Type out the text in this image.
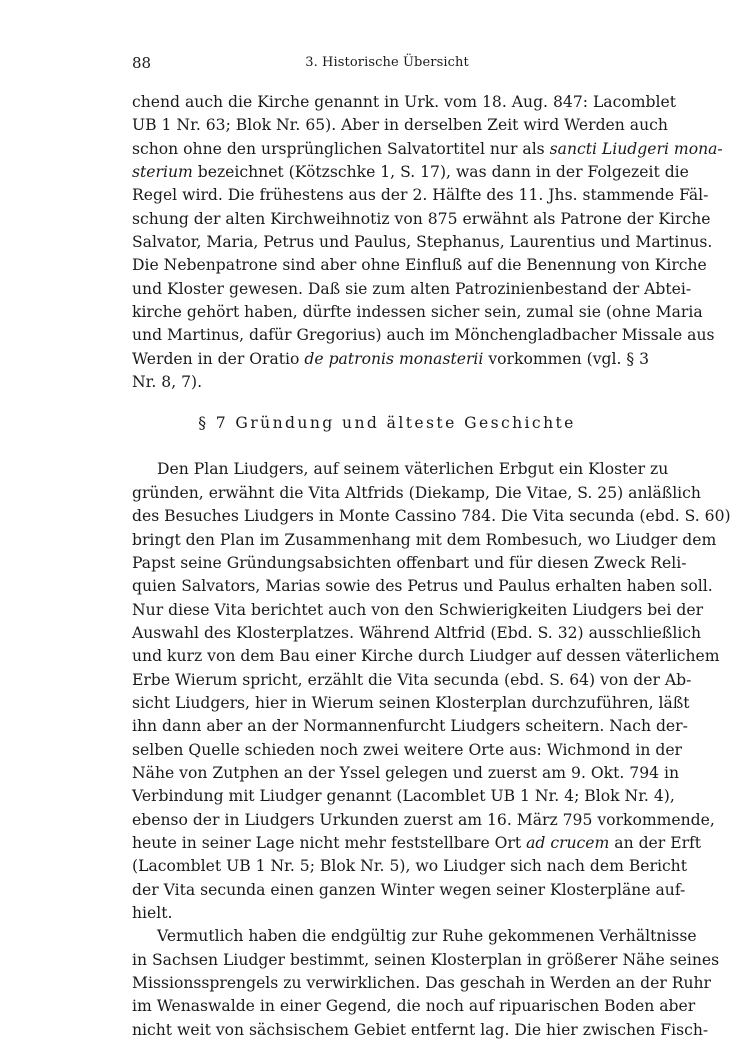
88	3. Historische Übersicht
chend auch die Kirche genannt in Urk. vom 18. Aug. 847: Lacomblet
UB 1 Nr. 63; Blok Nr. 65). Aber in derselben Zeit wird Werden auch
schon ohne den ursprünglichen Salvatortitel nur als sancti Liudgeri mona-
sterium bezeichnet (Kötzschke 1, S. 17), was dann in der Folgezeit die
Regel wird. Die frühestens aus der 2. Hälfte des 11. Jhs. stammende Fäl-
schung der alten Kirchweihnotiz von 875 erwähnt als Patrone der Kirche
Salvator, Maria, Petrus und Paulus, Stephanus, Laurentius und Martinus.
Die Nebenpatrone sind aber ohne Einfluß auf die Benennung von Kirche
und Kloster gewesen. Daß sie zum alten Patrozinienbestand der Abtei-
kirche gehört haben, dürfte indessen sicher sein, zumal sie (ohne Maria
und Martinus, dafür Gregorius) auch im Mönchengladbacher Missale aus
Werden in der Oratio de patronis monasterii vorkommen (vgl. § 3
Nr. 8, 7).
§ 7 Gründung und älteste Geschichte
Den Plan Liudgers, auf seinem väterlichen Erbgut ein Kloster zu
gründen, erwähnt die Vita Altfrids (Diekamp, Die Vitae, S. 25) anläßlich
des Besuches Liudgers in Monte Cassino 784. Die Vita secunda (ebd. S. 60)
bringt den Plan im Zusammenhang mit dem Rombesuch, wo Liudger dem
Papst seine Gründungsabsichten offenbart und für diesen Zweck Reli-
quien Salvators, Marias sowie des Petrus und Paulus erhalten haben soll.
Nur diese Vita berichtet auch von den Schwierigkeiten Liudgers bei der
Auswahl des Klosterplatzes. Während Altfrid (Ebd. S. 32) ausschließlich
und kurz von dem Bau einer Kirche durch Liudger auf dessen väterlichem
Erbe Wierum spricht, erzählt die Vita secunda (ebd. S. 64) von der Ab-
sicht Liudgers, hier in Wierum seinen Klosterplan durchzuführen, läßt
ihn dann aber an der Normannenfurcht Liudgers scheitern. Nach der-
selben Quelle schieden noch zwei weitere Orte aus: Wichmond in der
Nähe von Zutphen an der Yssel gelegen und zuerst am 9. Okt. 794 in
Verbindung mit Liudger genannt (Lacomblet UB 1 Nr. 4; Blok Nr. 4),
ebenso der in Liudgers Urkunden zuerst am 16. März 795 vorkommende,
heute in seiner Lage nicht mehr feststellbare Ort ad crucem an der Erft
(Lacomblet UB 1 Nr. 5; Blok Nr. 5), wo Liudger sich nach dem Bericht
der Vita secunda einen ganzen Winter wegen seiner Klosterpläne auf-
hielt.
Vermutlich haben die endgültig zur Ruhe gekommenen Verhältnisse
in Sachsen Liudger bestimmt, seinen Klosterplan in größerer Nähe seines
Missionssprengels zu verwirklichen. Das geschah in Werden an der Ruhr
im Wenaswalde in einer Gegend, die noch auf ripuarischen Boden aber
nicht weit von sächsischem Gebiet entfernt lag. Die hier zwischen Fisch-
